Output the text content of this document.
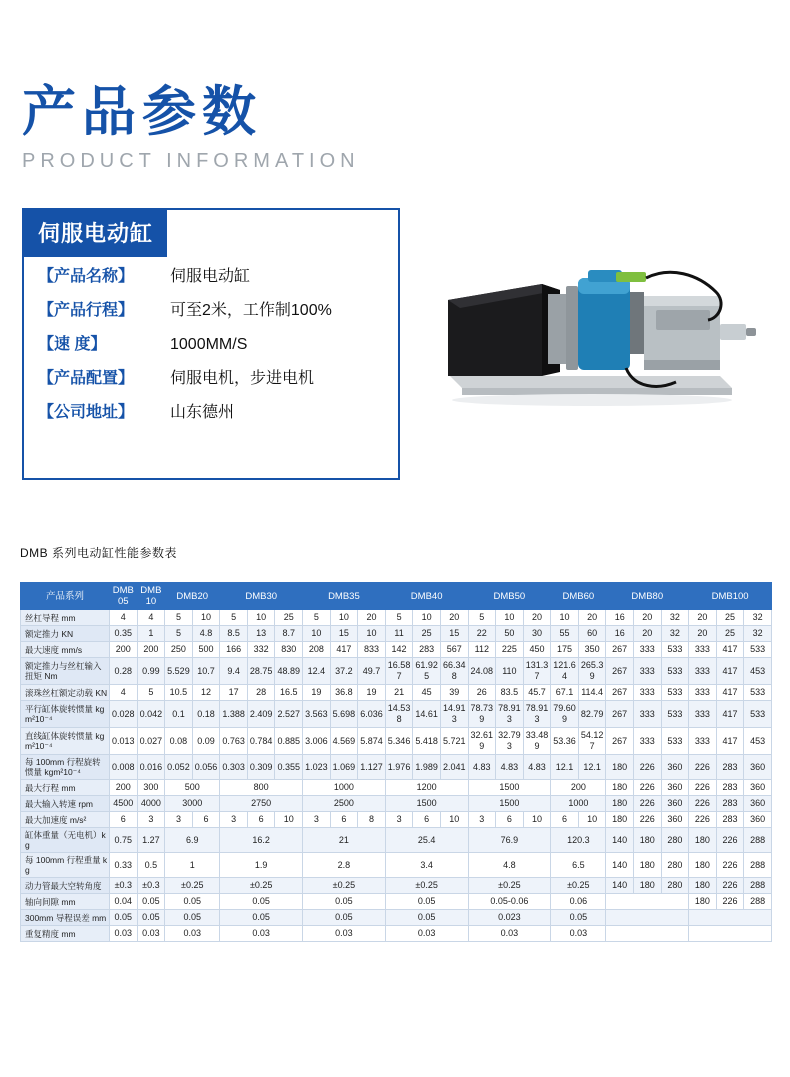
产品参数
PRODUCT INFORMATION
伺服电动缸
【产品名称】	伺服电动缸
【产品行程】	可至2米，工作制100%
【速 度】	1000MM/S
【产品配置】	伺服电机，步进电机
【公司地址】	山东德州
DMB 系列电动缸性能参数表
产品系列	DMB05	DMB10	DMB20		DMB30			DMB35			DMB40			DMB50			DMB60		DMB80			DMB100		
丝杠导程 mm	4	4	5	10	5	10	25	5	10	20	5	10	20	5	10	20	10	20	16	20	32	20	25	32
额定推力 KN	0.35	1	5	4.8	8.5	13	8.7	10	15	10	11	25	15	22	50	30	55	60	16	20	32	20	25	32
最大速度 mm/s	200	200	250	500	166	332	830	208	417	833	142	283	567	112	225	450	175	350	267	333	533	333	417	533
额定推力与丝杠输入扭矩 Nm	0.28	0.99	5.529	10.7	9.4	28.75	48.89	12.4	37.2	49.7	16.587	61.925	66.348	24.08	110	131.37	121.64	265.39	267	333	533	333	417	453
滚珠丝杠额定动载 KN	4	5	10.5	12	17	28	16.5	19	36.8	19	21	45	39	26	83.5	45.7	67.1	114.4	267	333	533	333	417	533
平行缸体旋转惯量 kgm²10⁻⁴	0.028	0.042	0.1	0.18	1.388	2.409	2.527	3.563	5.698	6.036	14.538	14.61	14.913	78.739	78.913	78.913	79.609	82.79	267	333	533	333	417	533
直线缸体旋转惯量 kgm²10⁻⁴	0.013	0.027	0.08	0.09	0.763	0.784	0.885	3.006	4.569	5.874	5.346	5.418	5.721	32.619	32.793	33.489	53.36	54.127	267	333	533	333	417	453
每 100mm 行程旋转惯量 kgm²10⁻⁴	0.008	0.016	0.052	0.056	0.303	0.309	0.355	1.023	1.069	1.127	1.976	1.989	2.041	4.83	4.83	4.83	12.1	12.1	180	226	360	226	283	360
最大行程 mm	200	300	500		800			1000			1200			1500			200		180	226	360	226	283	360
最大输入转速 rpm	4500	4000	3000		2750			2500			1500			1500			1000		180	226	360	226	283	360
最大加速度 m/s²	6	3	3	6	3	6	10	3	6	8	3	6	10	3	6	10	6	10	180	226	360	226	283	360
缸体重量（无电机）kg	0.75	1.27	6.9		16.2			21			25.4			76.9			120.3		140	180	280	180	226	288
每 100mm 行程重量 kg	0.33	0.5	1		1.9			2.8			3.4			4.8			6.5		140	180	280	180	226	288
动力管最大空转角度	±0.3	±0.3	±0.25		±0.25			±0.25			±0.25			±0.25			±0.25		140	180	280	180	226	288
轴向间隙 mm	0.04	0.05	0.05		0.05			0.05			0.05			0.05-0.06			0.06					180	226	288
300mm 导程误差 mm	0.05	0.05	0.05		0.05			0.05			0.05			0.023			0.05							
重复精度 mm	0.03	0.03	0.03		0.03			0.03			0.03			0.03			0.03							
